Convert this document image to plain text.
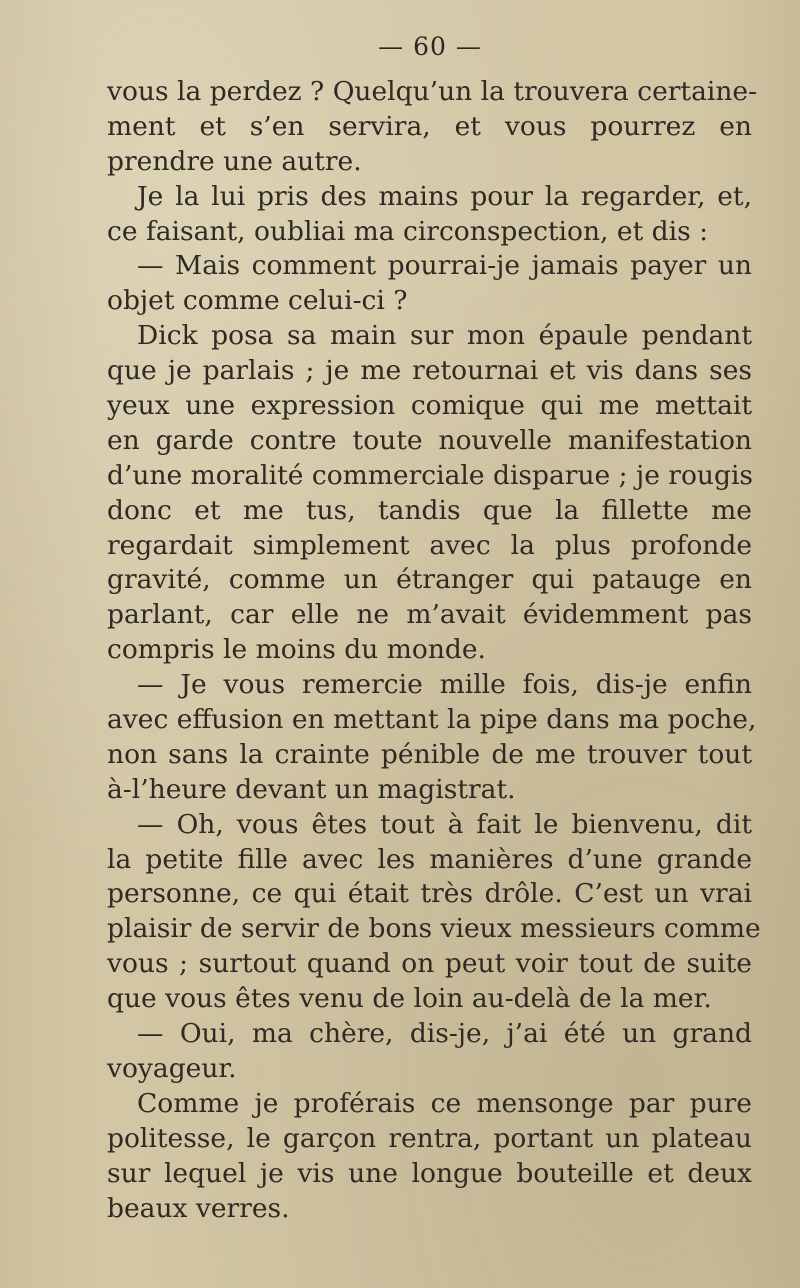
— 60 —
vous la perdez ? Quelqu’un la trouvera certaine-
ment et s’en servira, et vous pourrez en
prendre une autre.
Je la lui pris des mains pour la regarder, et,
ce faisant, oubliai ma circonspection, et dis :
— Mais comment pourrai-je jamais payer un
objet comme celui-ci ?
Dick posa sa main sur mon épaule pendant
que je parlais ; je me retournai et vis dans ses
yeux une expression comique qui me mettait
en garde contre toute nouvelle manifestation
d’une moralité commerciale disparue ; je rougis
donc et me tus, tandis que la fillette me
regardait simplement avec la plus profonde
gravité, comme un étranger qui patauge en
parlant, car elle ne m’avait évidemment pas
compris le moins du monde.
— Je vous remercie mille fois, dis-je enfin
avec effusion en mettant la pipe dans ma poche,
non sans la crainte pénible de me trouver tout
à-l’heure devant un magistrat.
— Oh, vous êtes tout à fait le bienvenu, dit
la petite fille avec les manières d’une grande
personne, ce qui était très drôle. C’est un vrai
plaisir de servir de bons vieux messieurs comme
vous ; surtout quand on peut voir tout de suite
que vous êtes venu de loin au-delà de la mer.
— Oui, ma chère, dis-je, j’ai été un grand
voyageur.
Comme je proférais ce mensonge par pure
politesse, le garçon rentra, portant un plateau
sur lequel je vis une longue bouteille et deux
beaux verres.
